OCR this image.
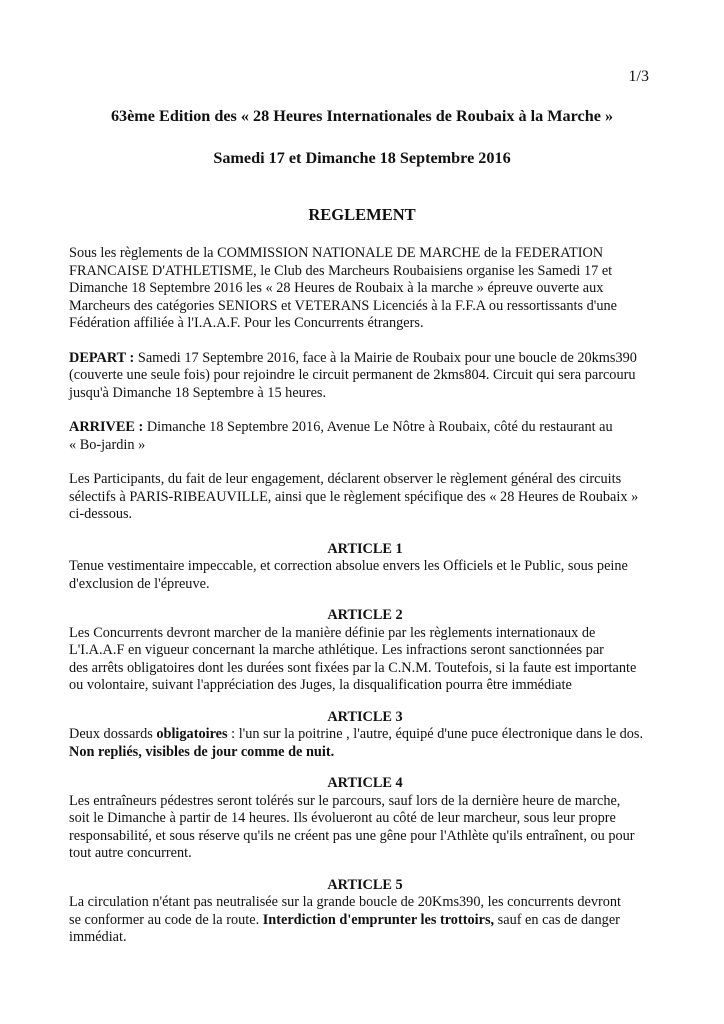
1/3
63ème Edition des « 28 Heures Internationales de Roubaix à la Marche »
Samedi 17 et Dimanche 18 Septembre 2016
REGLEMENT

Sous les règlements de la COMMISSION NATIONALE DE MARCHE de la FEDERATION

FRANCAISE D'ATHLETISME, le Club des Marcheurs Roubaisiens organise les Samedi 17 et

Dimanche 18 Septembre 2016 les « 28 Heures de Roubaix à la marche » épreuve ouverte aux

Marcheurs des catégories SENIORS et VETERANS Licenciés à la F.F.A ou ressortissants d'une

Fédération affiliée à l'I.A.A.F. Pour les Concurrents étrangers.

DEPART : Samedi 17 Septembre 2016, face à la Mairie de Roubaix pour une boucle de 20kms390

(couverte une seule fois) pour rejoindre le circuit permanent de 2kms804. Circuit qui sera parcouru

jusqu'à Dimanche 18 Septembre à 15 heures.

ARRIVEE : Dimanche 18 Septembre 2016, Avenue Le Nôtre à Roubaix, côté du restaurant au

« Bo-jardin »

Les Participants, du fait de leur engagement, déclarent observer le règlement général des circuits

sélectifs à PARIS-RIBEAUVILLE, ainsi que le règlement spécifique des « 28 Heures de Roubaix »

ci-dessous.

ARTICLE 1

Tenue vestimentaire impeccable, et correction absolue envers les Officiels et le Public, sous peine

d'exclusion de l'épreuve.

ARTICLE 2

Les Concurrents devront marcher de la manière définie par les règlements internationaux de

L'I.A.A.F en vigueur concernant la marche athlétique. Les infractions seront sanctionnées par

des arrêts obligatoires dont les durées sont fixées par la C.N.M. Toutefois, si la faute est importante

ou volontaire, suivant l'appréciation des Juges, la disqualification pourra être immédiate

ARTICLE 3

Deux dossards obligatoires : l'un sur la poitrine , l'autre, équipé d'une puce électronique dans le dos.

Non repliés, visibles de jour comme de nuit.

ARTICLE 4

Les entraîneurs pédestres seront tolérés sur le parcours, sauf lors de la dernière heure de marche,

soit le Dimanche à partir de 14 heures. Ils évolueront au côté de leur marcheur, sous leur propre

responsabilité, et sous réserve qu'ils ne créent pas une gêne pour l'Athlète qu'ils entraînent, ou pour

tout autre concurrent.

ARTICLE 5

La circulation n'étant pas neutralisée sur la grande boucle de 20Kms390, les concurrents devront

se conformer au code de la route. Interdiction d'emprunter les trottoirs, sauf en cas de danger

immédiat.
